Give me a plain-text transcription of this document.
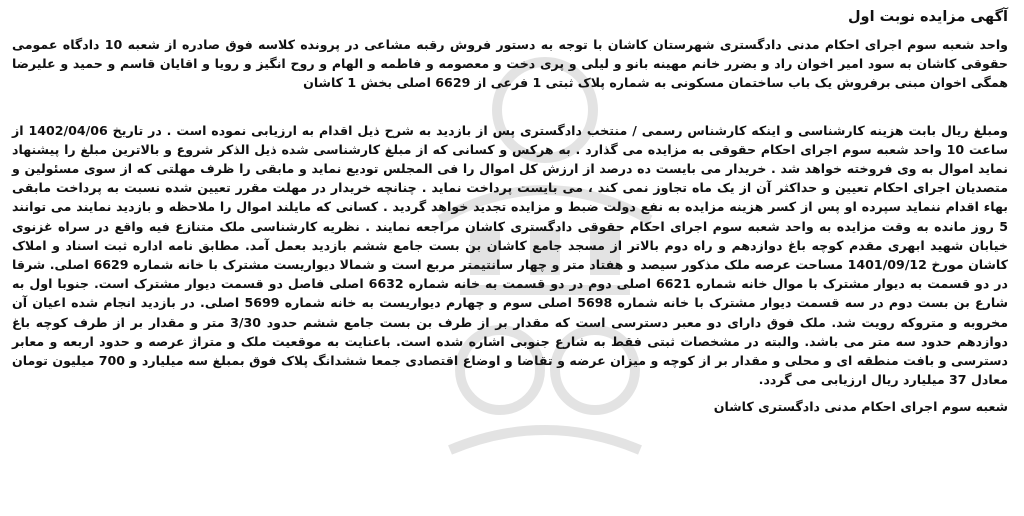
آگهی مزایده نوبت اول

واحد شعبه سوم اجرای احکام مدنی دادگستری شهرستان کاشان با توجه به دستور فروش رقبه مشاعی در پرونده کلاسه فوق صادره از شعبه 10 دادگاه عمومی حقوقی کاشان به سود امیر اخوان راد و بضرر خانم مهینه بانو و لیلی و پری دخت و معصومه و فاطمه و الهام و روح انگیز و رویا و اقایان قاسم و حمید و علیرضا همگی اخوان مبنی برفروش یک باب ساختمان مسکونی به شماره پلاک ثبتی 1 فرعی از 6629 اصلی بخش 1 کاشان

ومبلغ ریال بابت هزینه کارشناسی و اینکه کارشناس رسمی / منتخب دادگستری پس از بازدید به شرح ذیل اقدام به ارزیابی نموده است . در تاریخ 1402/04/06 از ساعت 10 واحد شعبه سوم اجرای احکام حقوقی به مزایده می گذارد . به هرکس و کسانی که از مبلغ کارشناسی شده ذیل الذکر شروع و بالاترین مبلغ را پیشنهاد نماید اموال به وی فروخته خواهد شد . خریدار می بایست ده درصد از ارزش کل اموال را فی المجلس تودیع نماید و مابقی را ظرف مهلتی که از سوی مسئولین و متصدیان اجرای احکام تعیین و حداکثر آن از یک ماه تجاوز نمی کند ، می بایست پرداخت نماید . چنانچه خریدار در مهلت مقرر تعیین شده نسبت به پرداخت مابقی بهاء اقدام ننماید سپرده او پس از کسر هزینه مزایده به نفع دولت ضبط و مزایده تجدید خواهد گردید . کسانی که مایلند اموال را ملاحظه و بازدید نمایند می توانند 5 روز مانده به وقت مزایده به واحد شعبه سوم اجرای احکام حقوقی دادگستری کاشان مراجعه نمایند . نظریه کارشناسی ملک متنازع فیه واقع در سراه غزنوی خیابان شهید ابهری مقدم کوچه باغ دوازدهم و راه دوم بالاتر از مسجد جامع کاشان بن بست جامع ششم بازدید بعمل آمد. مطابق نامه اداره ثبت اسناد و املاک کاشان مورخ 1401/09/12 مساحت عرصه ملک مذکور سیصد و هفتاد متر و چهار سانتیمتر مربع است و شمالا دیواریست مشترک با خانه شماره 6629 اصلی. شرقا در دو قسمت به دیوار مشترک با موال خانه شماره 6621 اصلی دوم در دو قسمت به خانه شماره 6632 اصلی فاصل دو قسمت دیوار مشترک است. جنوبا اول به شارع بن بست دوم در سه قسمت دیوار مشترک با خانه شماره 5698 اصلی سوم و چهارم دیواریست به خانه شماره 5699 اصلی. در بازدید انجام شده اعیان آن مخروبه و متروکه رویت شد. ملک فوق دارای دو معبر دسترسی است که مقدار بر از طرف بن بست جامع ششم حدود 3/30 متر و مقدار بر از طرف کوچه باغ دوازدهم حدود سه متر می باشد. والبته در مشخصات ثبتی فقط به شارع جنوبی اشاره شده است. باعنایت به موقعیت ملک و متراژ عرصه و حدود اربعه و معابر دسترسی و بافت منطقه ای و محلی و مقدار بر از کوچه و میزان عرضه و تقاضا و اوضاع اقتصادی جمعا ششدانگ پلاک فوق بمبلغ سه میلیارد و 700 میلیون تومان معادل 37 میلیارد ریال ارزیابی می گردد.

شعبه سوم اجرای احکام مدنی دادگستری کاشان
